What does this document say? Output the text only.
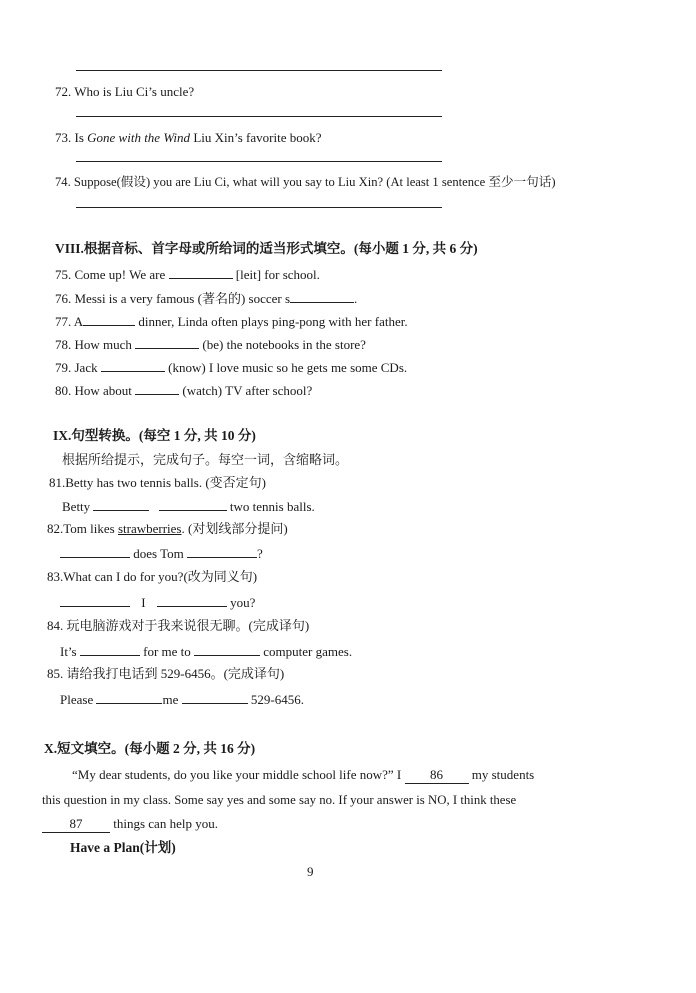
72. Who is Liu Ci’s uncle?
73. Is Gone with the Wind Liu Xin’s favorite book?
74. Suppose(假设) you are Liu Ci, what will you say to Liu Xin? (At least 1 sentence 至少一句话)
VIII.根据音标、首字母或所给词的适当形式填空。(每小题 1 分, 共 6 分)
75. Come up! We are	[leit] for school.
76. Messi is a very famous (著名的) soccer s	.
77. A	dinner, Linda often plays ping-pong with her father.
78. How much	(be) the notebooks in the store?
79. Jack	(know) I love music so he gets me some CDs.
80. How about	(watch) TV after school?
IX.句型转换。(每空 1 分, 共 10 分)
根据所给提示，完成句子。每空一词，含缩略词。
81.Betty has two tennis balls. (变否定句)
Betty	two tennis balls.
82.Tom likes strawberries. (对划线部分提问)
does Tom	?
83.What can I do for you?(改为同义句)
I	you?
84. 玩电脑游戏对于我来说很无聊。(完成译句)
It’s	for me to	computer games.
85. 请给我打电话到 529-6456。(完成译句)
Please	me	529-6456.
X.短文填空。(每小题 2 分, 共 16 分)
“My dear students, do you like your middle school life now?” I 86 my students
this question in my class. Some say yes and some say no. If your answer is NO, I think these
87 things can help you.
Have a Plan(计划)
9
